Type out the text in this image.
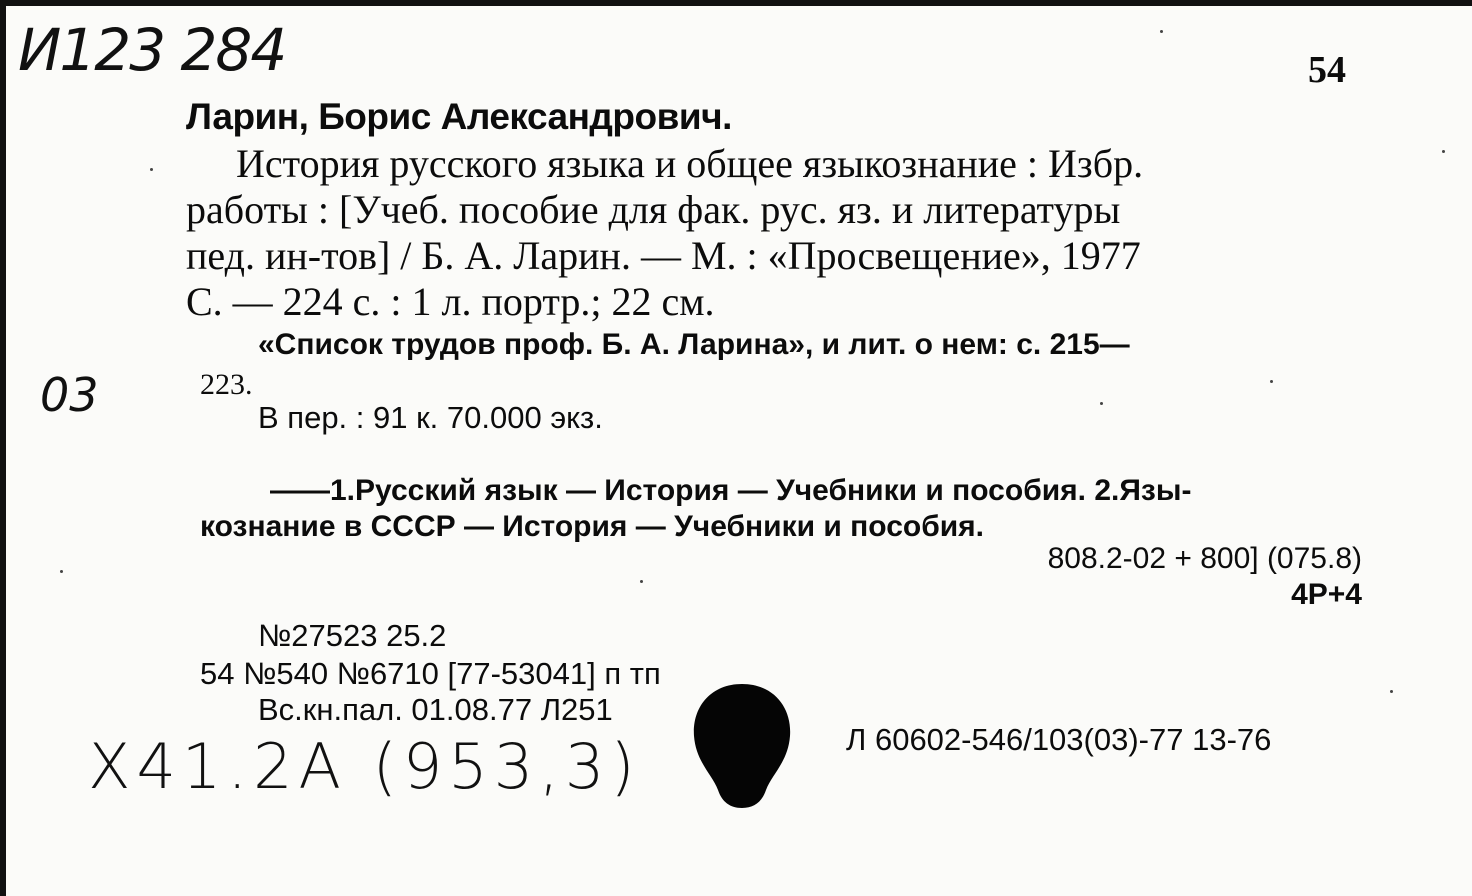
И123 284
03
Х41.2А (953,3)
54
Ларин, Борис Александрович.
История русского языка и общее языкознание : Избр.
работы : [Учеб. пособие для фак. рус. яз. и литературы
пед. ин-тов] / Б. А. Ларин. — М. : «Просвещение», 1977
С. — 224 с. : 1 л. портр.; 22 см.
«Список трудов проф. Б. А. Ларина», и лит. о нем: с. 215—
223.
В пер. : 91 к. 70.000 экз.
——1.Русский язык — История — Учебники и пособия. 2.Язы-
кознание в СССР — История — Учебники и пособия.
808.2-02 + 800] (075.8)
4Р+4
№27523 25.2
54 №540 №6710 [77-53041] п тп
Вс.кн.пал. 01.08.77 Л251
Л 60602-546/103(03)-77 13-76
